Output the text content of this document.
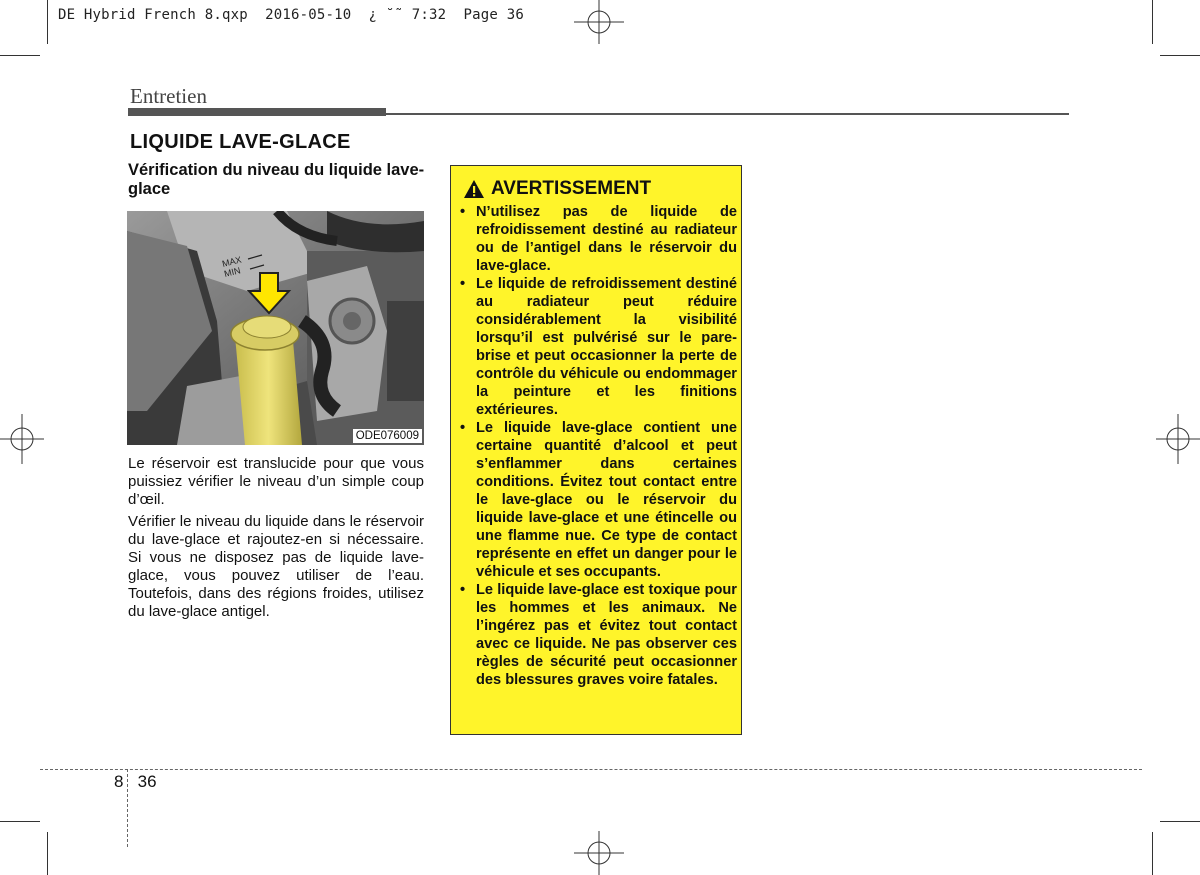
DE Hybrid French 8.qxp  2016-05-10  ¿ ˘˜ 7:32  Page 36
Entretien
LIQUIDE LAVE-GLACE
Vérification du niveau du liquide lave-glace
MAX
MIN
ODE076009

Le réservoir est translucide pour que vous puissiez vérifier le niveau d’un simple coup d’œil.

Vérifier le niveau du liquide dans le réservoir du lave-glace et rajoutez-en si nécessaire. Si vous ne disposez pas de liquide lave-glace, vous pouvez utiliser de l’eau. Toutefois, dans des régions froides, utilisez du lave-glace antigel.

AVERTISSEMENT
• N’utilisez pas de liquide de refroidissement destiné au radiateur ou de l’antigel dans le réservoir du lave-glace.
• Le liquide de refroidissement destiné au radiateur peut réduire considérablement la visibilité lorsqu’il est pulvérisé sur le pare-brise et peut occasionner la perte de contrôle du véhicule ou endommager la peinture et les finitions extérieures.
• Le liquide lave-glace contient une certaine quantité d’alcool et peut s’enflammer dans certaines conditions. Évitez tout contact entre le lave-glace ou le réservoir du liquide lave-glace et une étincelle ou une flamme nue. Ce type de contact représente en effet un danger pour le véhicule et ses occupants.
• Le liquide lave-glace est toxique pour les hommes et les animaux. Ne l’ingérez pas et évitez tout contact avec ce liquide. Ne pas observer ces règles de sécurité peut occasionner des blessures graves voire fatales.
8 36
